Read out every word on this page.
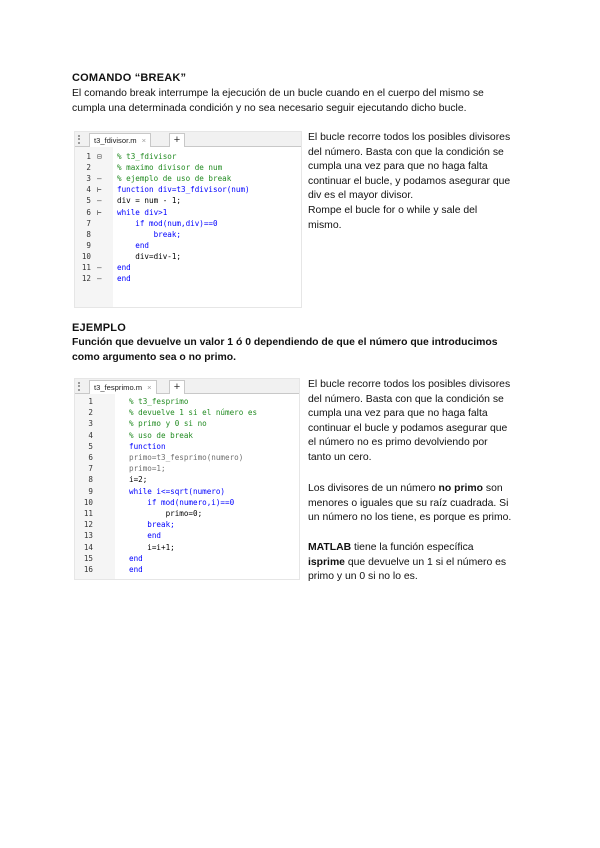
COMANDO “BREAK”
El comando break interrumpe la ejecución de un bucle cuando en el cuerpo del mismo se
cumpla una determinada condición y no sea necesario seguir ejecutando dicho bucle.
t3_fdivisor.m ×	+
1 ⊟ % t3_fdivisor
2	% maximo divisor de num
3 – % ejemplo de uso de break
4 ⊢ function div=t3_fdivisor(num)
5 – div = num - 1;
6 ⊢ while div>1
7	if mod(num,div)==0
8	break;
9	end
10	div=div-1;
11 – end
12 – end
El bucle recorre todos los posibles divisores
del número. Basta con que la condición se
cumpla una vez para que no haga falta
continuar el bucle, y podamos asegurar que
div es el mayor divisor.
Rompe el bucle for o while y sale del
mismo.
EJEMPLO
Función que devuelve un valor 1 ó 0 dependiendo de que el número que introducimos
como argumento sea o no primo.
t3_fesprimo.m ×	+
1	% t3_fesprimo
2	% devuelve 1 si el número es
3	% primo y 0 si no
4	% uso de break
5	function
6	primo=t3_fesprimo(numero)
7	primo=1;
8	i=2;
9	while i<=sqrt(numero)
10	if mod(numero,i)==0
11	primo=0;
12	break;
13	end
14	i=i+1;
15	end
16	end
El bucle recorre todos los posibles divisores
del número. Basta con que la condición se
cumpla una vez para que no haga falta
continuar el bucle y podamos asegurar que
el número no es primo devolviendo por
tanto un cero.
Los divisores de un número no primo son
menores o iguales que su raíz cuadrada. Si
un número no los tiene, es porque es primo.
MATLAB tiene la función específica
isprime que devuelve un 1 si el número es
primo y un 0 si no lo es.
